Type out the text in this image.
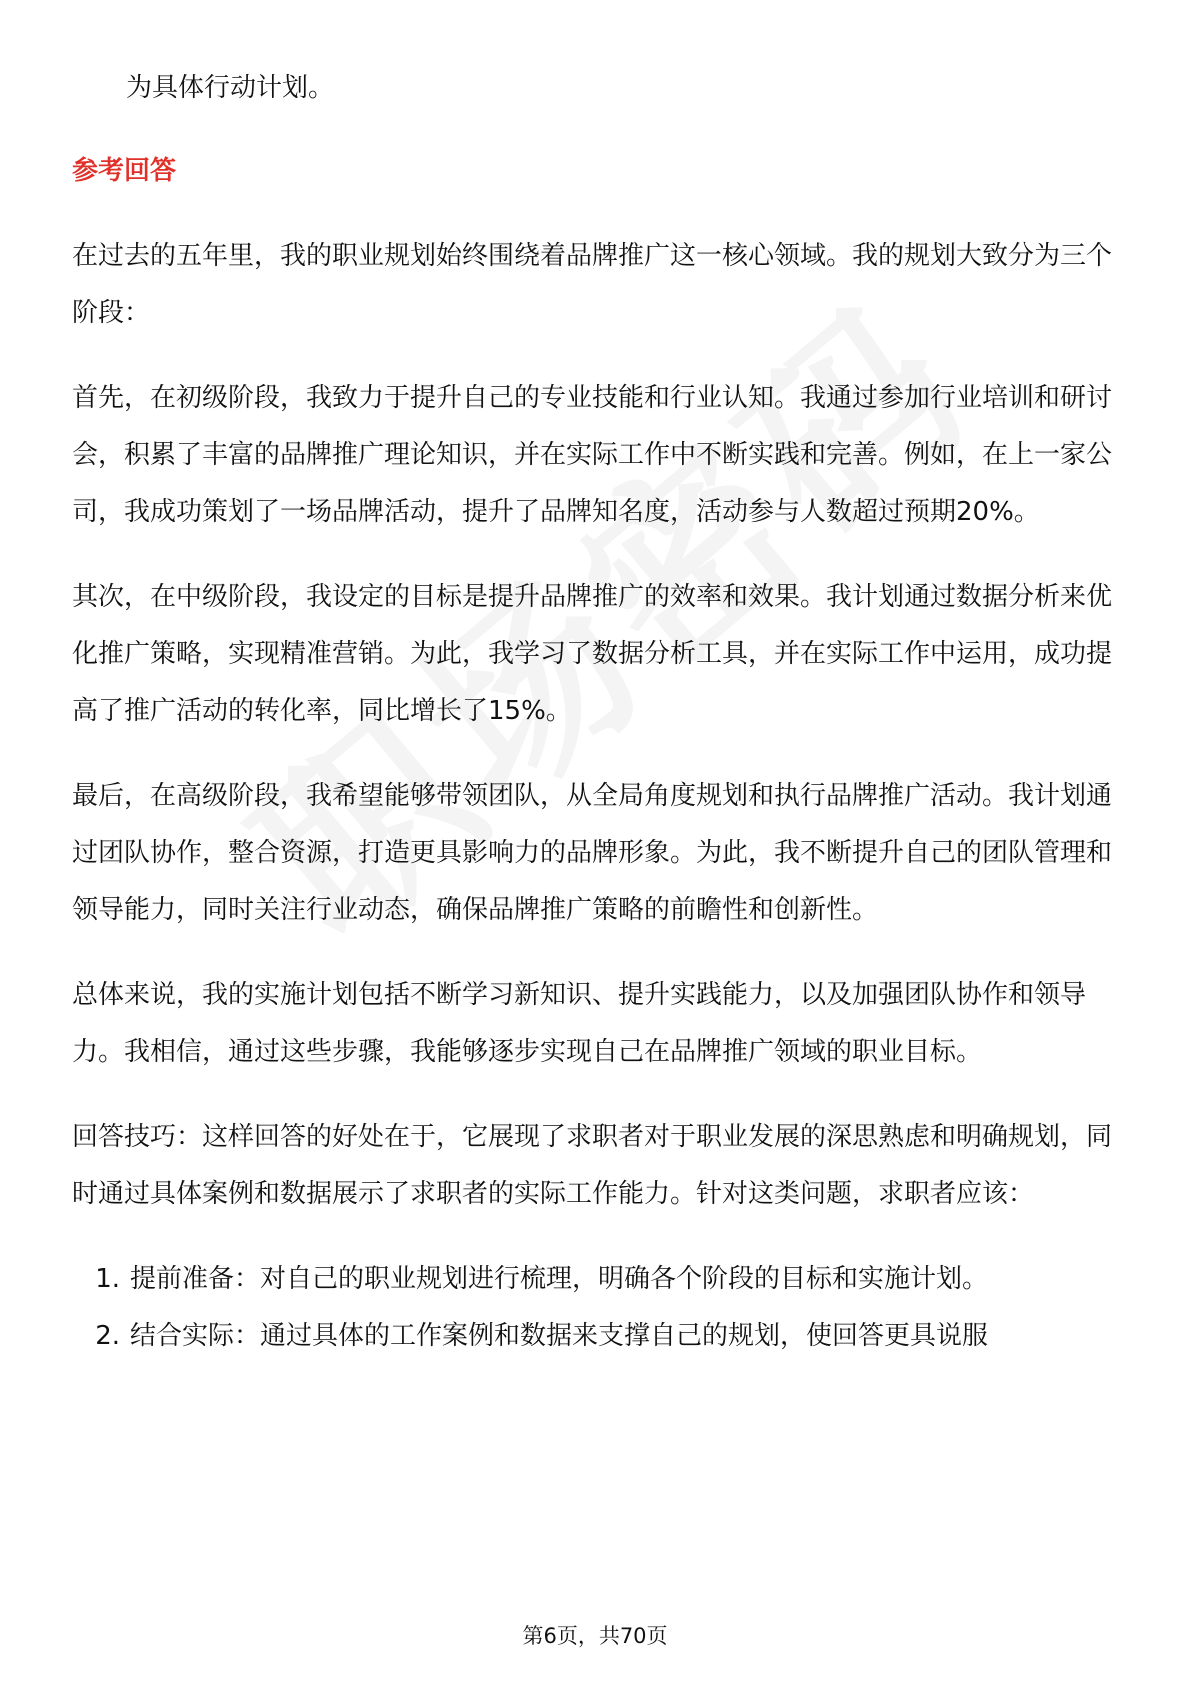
为具体行动计划。

参考回答

在过去的五年里，我的职业规划始终围绕着品牌推广这一核心领域。我的规划大致分为三个阶段：

首先，在初级阶段，我致力于提升自己的专业技能和行业认知。我通过参加行业培训和研讨会，积累了丰富的品牌推广理论知识，并在实际工作中不断实践和完善。例如，在上一家公司，我成功策划了一场品牌活动，提升了品牌知名度，活动参与人数超过预期20%。

其次，在中级阶段，我设定的目标是提升品牌推广的效率和效果。我计划通过数据分析来优化推广策略，实现精准营销。为此，我学习了数据分析工具，并在实际工作中运用，成功提高了推广活动的转化率，同比增长了15%。

最后，在高级阶段，我希望能够带领团队，从全局角度规划和执行品牌推广活动。我计划通过团队协作，整合资源，打造更具影响力的品牌形象。为此，我不断提升自己的团队管理和领导能力，同时关注行业动态，确保品牌推广策略的前瞻性和创新性。

总体来说，我的实施计划包括不断学习新知识、提升实践能力，以及加强团队协作和领导力。我相信，通过这些步骤，我能够逐步实现自己在品牌推广领域的职业目标。

回答技巧：这样回答的好处在于，它展现了求职者对于职业发展的深思熟虑和明确规划，同时通过具体案例和数据展示了求职者的实际工作能力。针对这类问题，求职者应该：

1. 提前准备：对自己的职业规划进行梳理，明确各个阶段的目标和实施计划。
2. 结合实际：通过具体的工作案例和数据来支撑自己的规划，使回答更具说服
第6页，共70页
